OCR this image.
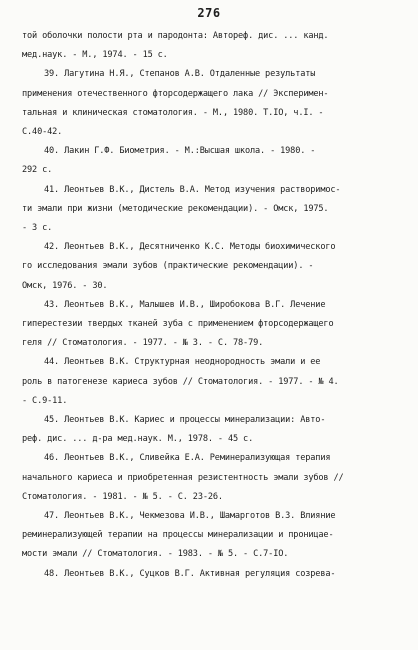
276
той оболочки полости рта и пародонта: Автореф. дис. ... канд.
мед.наук. - М., 1974. - 15 с.
39. Лагутина Н.Я., Степанов А.В. Отдаленные результаты
применения отечественного фторсодержащего лака // Эксперимен-
тальная и клиническая стоматология. - М., 1980. Т.IO, ч.I. -
С.40-42.
40. Лакин Г.Ф. Биометрия. - М.:Высшая школа. - 1980. -
292 с.
41. Леонтьев В.К., Дистель В.А. Метод изучения растворимос-
ти эмали при жизни (методические рекомендации). - Омск, 1975.
- 3 с.
42. Леонтьев В.К., Десятниченко К.С. Методы биохимического
го исследования эмали зубов (практические рекомендации). -
Омск, 1976. - 30.
43. Леонтьев В.К., Малышев И.В., Широбокова В.Г. Лечение
гиперестезии твердых тканей зуба с применением фторсодержащего
геля // Стоматология. - 1977. - № 3. - С. 78-79.
44. Леонтьев В.К. Структурная неоднородность эмали и ее
роль в патогенезе кариеса зубов // Стоматология. - 1977. - № 4.
- С.9-11.
45. Леонтьев В.К. Кариес и процессы минерализации: Авто-
реф. дис. ... д-ра мед.наук. М., 1978. - 45 с.
46. Леонтьев В.К., Сливейка Е.А. Реминерализующая терапия
начального кариеса и приобретенная резистентность эмали зубов //
Стоматология. - 1981. - № 5. - С. 23-26.
47. Леонтьев В.К., Чекмезова И.В., Шамарготов В.З. Влияние
реминерализующей терапии на процессы минерализации и проницае-
мости эмали // Стоматология. - 1983. - № 5. - С.7-IO.
48. Леонтьев В.К., Суцков В.Г. Активная регуляция созрева-
